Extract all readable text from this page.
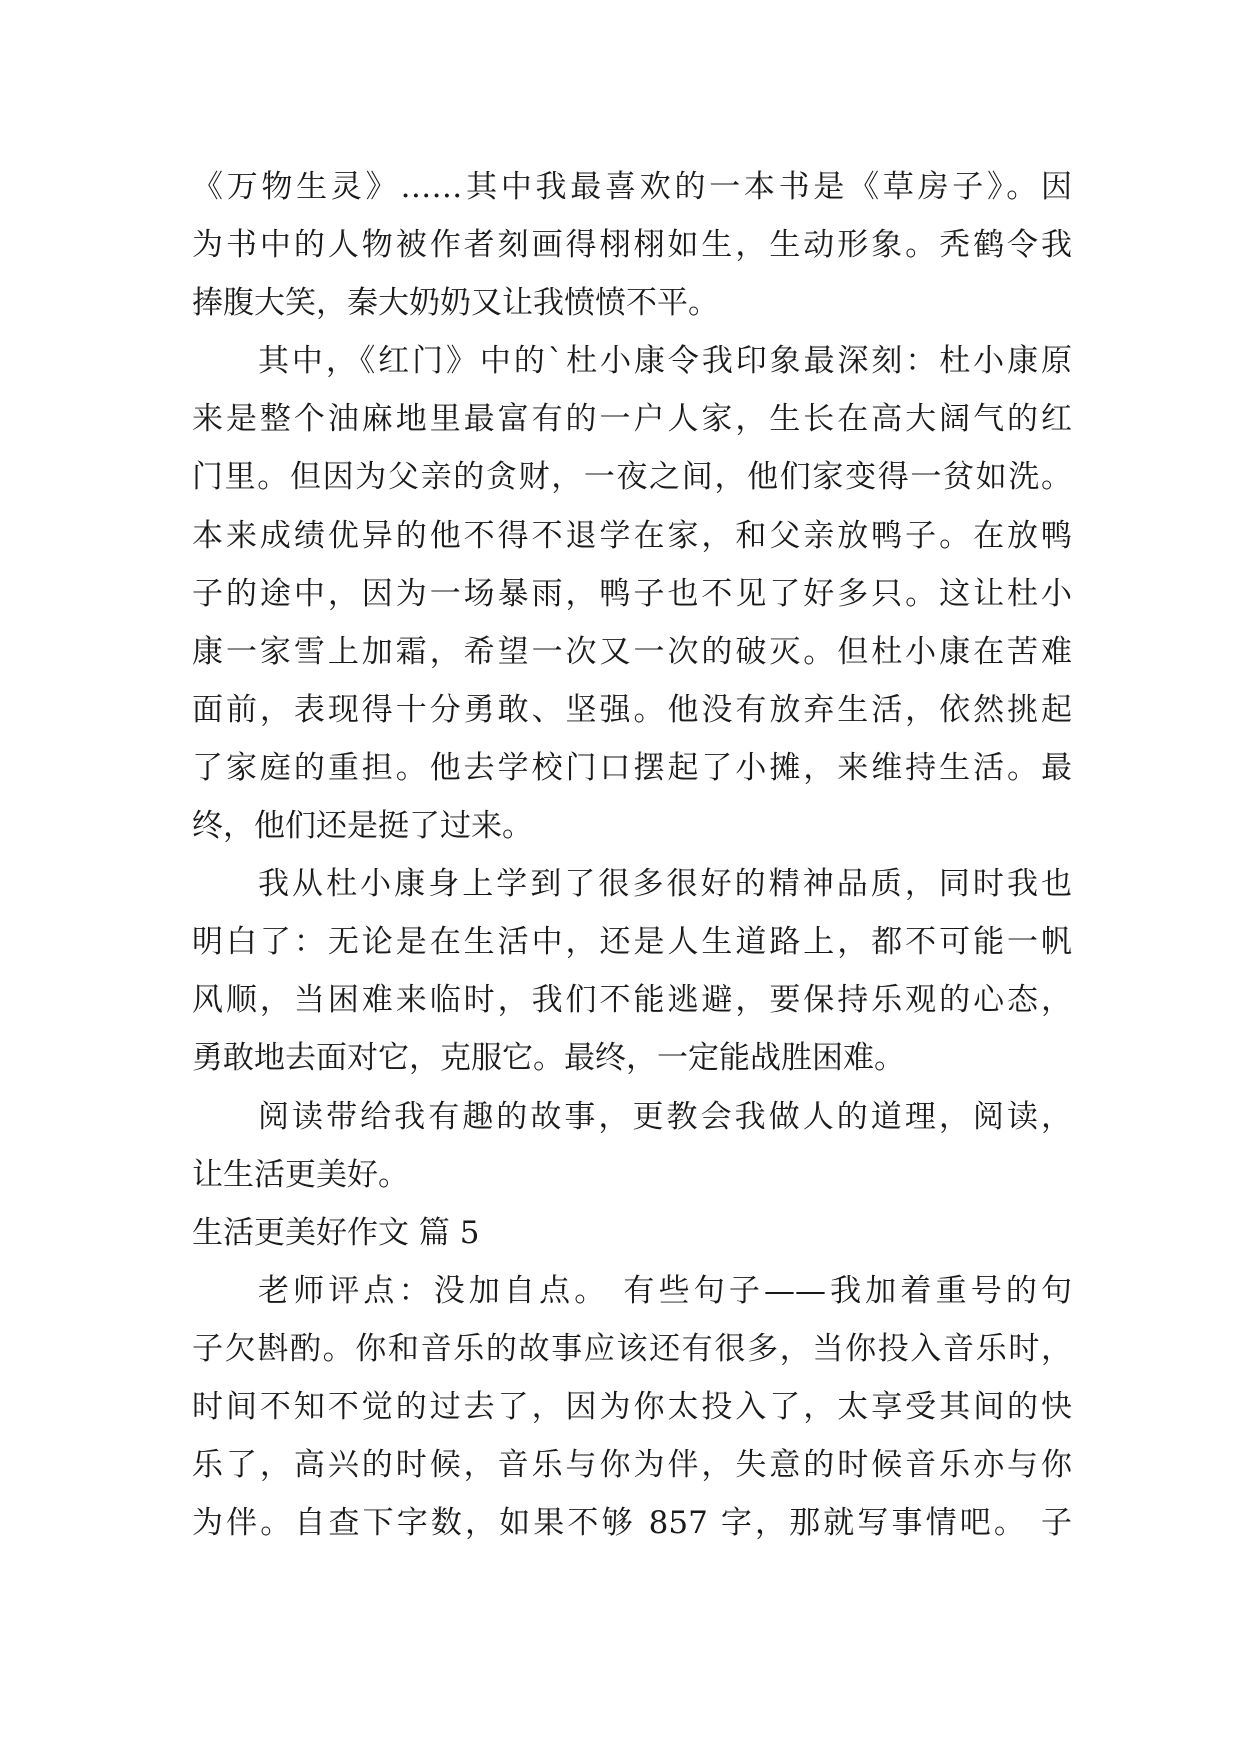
《万物生灵》……其中我最喜欢的一本书是《草房子》。因
为书中的人物被作者刻画得栩栩如生，生动形象。秃鹤令我
捧腹大笑，秦大奶奶又让我愤愤不平。
其中，《红门》中的`杜小康令我印象最深刻：杜小康原
来是整个油麻地里最富有的一户人家，生长在高大阔气的红
门里。但因为父亲的贪财，一夜之间，他们家变得一贫如洗。
本来成绩优异的他不得不退学在家，和父亲放鸭子。在放鸭
子的途中，因为一场暴雨，鸭子也不见了好多只。这让杜小
康一家雪上加霜，希望一次又一次的破灭。但杜小康在苦难
面前，表现得十分勇敢、坚强。他没有放弃生活，依然挑起
了家庭的重担。他去学校门口摆起了小摊，来维持生活。最
终，他们还是挺了过来。
我从杜小康身上学到了很多很好的精神品质，同时我也
明白了：无论是在生活中，还是人生道路上，都不可能一帆
风顺，当困难来临时，我们不能逃避，要保持乐观的心态，
勇敢地去面对它，克服它。最终，一定能战胜困难。
阅读带给我有趣的故事，更教会我做人的道理，阅读，
让生活更美好。
生活更美好作文 篇 5
老师评点：没加自点。 有些句子——我加着重号的句
子欠斟酌。你和音乐的故事应该还有很多，当你投入音乐时，
时间不知不觉的过去了，因为你太投入了，太享受其间的快
乐了，高兴的时候，音乐与你为伴，失意的时候音乐亦与你
为伴。自查下字数，如果不够 857 字，那就写事情吧。 子
